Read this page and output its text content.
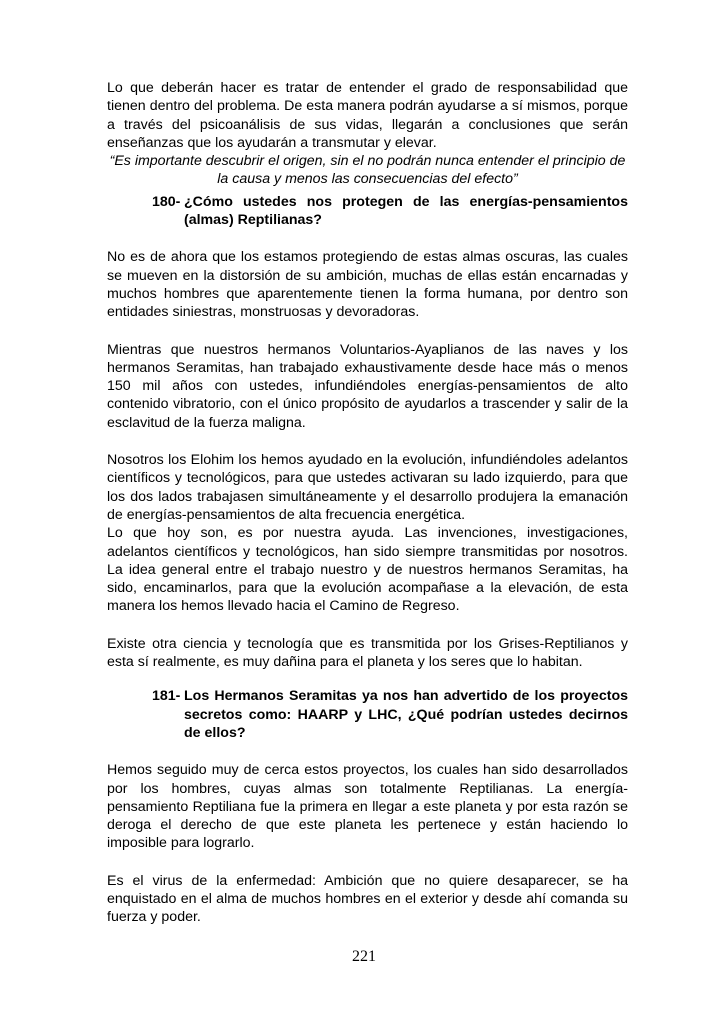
Lo que deberán hacer es tratar de entender el grado de responsabilidad que tienen dentro del problema. De esta manera podrán ayudarse a sí mismos, porque a través del psicoanálisis de sus vidas, llegarán a conclusiones que serán enseñanzas que los ayudarán a transmutar y elevar.

“Es importante descubrir el origen, sin el no podrán nunca entender el principio de la causa y menos las consecuencias del efecto”

180- ¿Cómo ustedes nos protegen de las energías-pensamientos (almas) Reptilianas?

No es de ahora que los estamos protegiendo de estas almas oscuras, las cuales se mueven en la distorsión de su ambición, muchas de ellas están encarnadas y muchos hombres que aparentemente tienen la forma humana, por dentro son entidades siniestras, monstruosas y devoradoras.

Mientras que nuestros hermanos Voluntarios-Ayaplianos de las naves y los hermanos Seramitas, han trabajado exhaustivamente desde hace más o menos 150 mil años con ustedes, infundiéndoles energías-pensamientos de alto contenido vibratorio, con el único propósito de ayudarlos a trascender y salir de la esclavitud de la fuerza maligna.

Nosotros los Elohim los hemos ayudado en la evolución, infundiéndoles adelantos científicos y tecnológicos, para que ustedes activaran su lado izquierdo, para que los dos lados trabajasen simultáneamente y el desarrollo produjera la emanación de energías-pensamientos de alta frecuencia energética.

Lo que hoy son, es por nuestra ayuda. Las invenciones, investigaciones, adelantos científicos y tecnológicos, han sido siempre transmitidas por nosotros. La idea general entre el trabajo nuestro y de nuestros hermanos Seramitas, ha sido, encaminarlos, para que la evolución acompañase a la elevación, de esta manera los hemos llevado hacia el Camino de Regreso.

Existe otra ciencia y tecnología que es transmitida por los Grises-Reptilianos y esta sí realmente, es muy dañina para el planeta y los seres que lo habitan.

181- Los Hermanos Seramitas ya nos han advertido de los proyectos secretos como: HAARP y LHC, ¿Qué podrían ustedes decirnos de ellos?

Hemos seguido muy de cerca estos proyectos, los cuales han sido desarrollados por los hombres, cuyas almas son totalmente Reptilianas. La energía-pensamiento Reptiliana fue la primera en llegar a este planeta y por esta razón se deroga el derecho de que este planeta les pertenece y están haciendo lo imposible para lograrlo.

Es el virus de la enfermedad: Ambición que no quiere desaparecer, se ha enquistado en el alma de muchos hombres en el exterior y desde ahí comanda su fuerza y poder.

221
